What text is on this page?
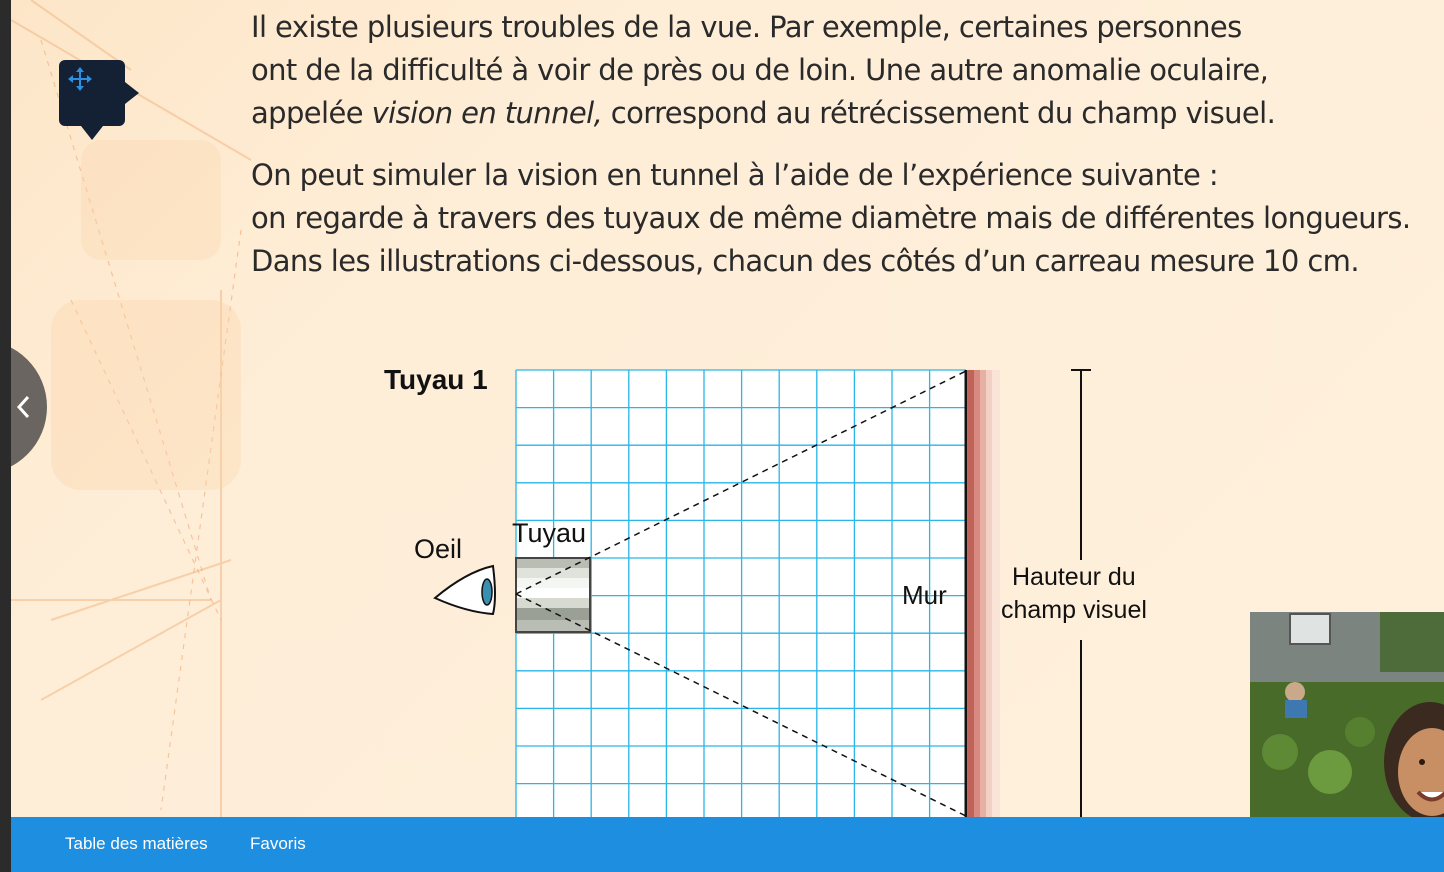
Il existe plusieurs troubles de la vue. Par exemple, certaines personnes
ont de la difficulté à voir de près ou de loin. Une autre anomalie oculaire,
appelée vision en tunnel, correspond au rétrécissement du champ visuel.

On peut simuler la vision en tunnel à l’aide de l’expérience suivante :
on regarde à travers des tuyaux de même diamètre mais de différentes longueurs.
Dans les illustrations ci-dessous, chacun des côtés d’un carreau mesure 10 cm.

Tuyau 1
Oeil
Tuyau
Mur
Hauteur du
champ visuel
Table des matières Favoris
